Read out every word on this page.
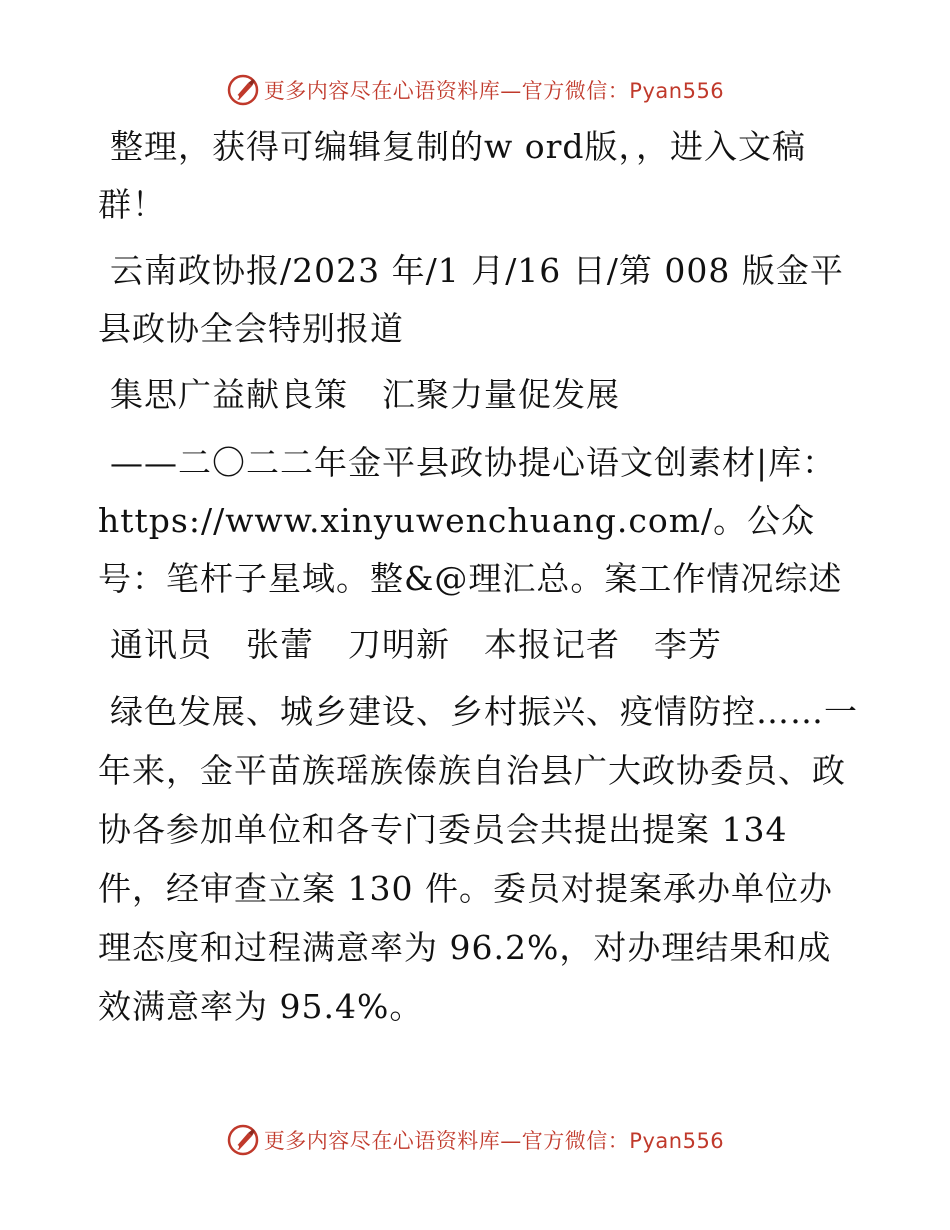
更多内容尽在心语资料库—官方微信：Pyan556

整理，获得可编辑复制的w ord版，，进入文稿群！

云南政协报/2023 年/1 月/16 日/第 008 版金平县政协全会特别报道

集思广益献良策　汇聚力量促发展

——二〇二二年金平县政协提心语文创素材|库：https://www.xinyuwenchuang.com/。公众号：笔杆子星域。整&@理汇总。案工作情况综述

通讯员　张蕾　刀明新　本报记者　李芳

绿色发展、城乡建设、乡村振兴、疫情防控……一年来，金平苗族瑶族傣族自治县广大政协委员、政协各参加单位和各专门委员会共提出提案 134 件，经审查立案 130 件。委员对提案承办单位办理态度和过程满意率为 96.2%，对办理结果和成效满意率为 95.4%。

更多内容尽在心语资料库—官方微信：Pyan556
